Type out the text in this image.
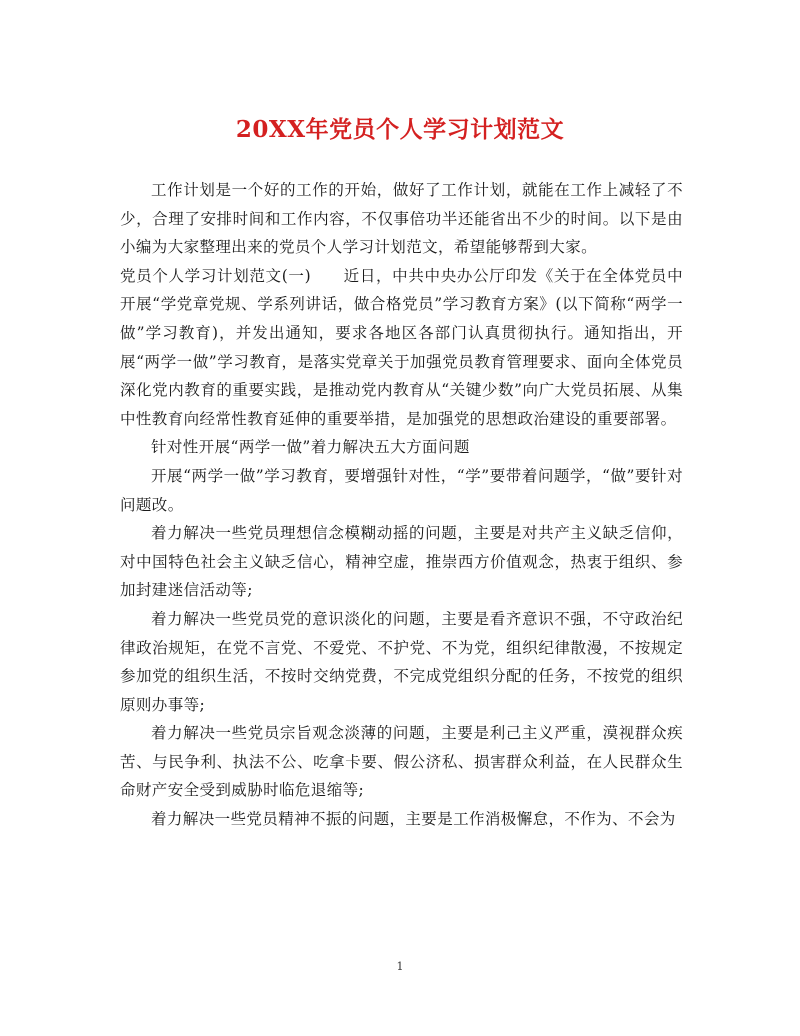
20XX年党员个人学习计划范文

工作计划是一个好的工作的开始，做好了工作计划，就能在工作上减轻了不少，合理了安排时间和工作内容，不仅事倍功半还能省出不少的时间。以下是由小编为大家整理出来的党员个人学习计划范文，希望能够帮到大家。

党员个人学习计划范文(一)　　近日，中共中央办公厅印发《关于在全体党员中开展“学党章党规、学系列讲话，做合格党员”学习教育方案》(以下简称“两学一做”学习教育)，并发出通知，要求各地区各部门认真贯彻执行。通知指出，开展“两学一做”学习教育，是落实党章关于加强党员教育管理要求、面向全体党员深化党内教育的重要实践，是推动党内教育从“关键少数”向广大党员拓展、从集中性教育向经常性教育延伸的重要举措，是加强党的思想政治建设的重要部署。

针对性开展“两学一做”着力解决五大方面问题

开展“两学一做”学习教育，要增强针对性，“学”要带着问题学，“做”要针对问题改。

着力解决一些党员理想信念模糊动摇的问题，主要是对共产主义缺乏信仰，对中国特色社会主义缺乏信心，精神空虚，推崇西方价值观念，热衷于组织、参加封建迷信活动等;

着力解决一些党员党的意识淡化的问题，主要是看齐意识不强，不守政治纪律政治规矩，在党不言党、不爱党、不护党、不为党，组织纪律散漫，不按规定参加党的组织生活，不按时交纳党费，不完成党组织分配的任务，不按党的组织原则办事等;

着力解决一些党员宗旨观念淡薄的问题，主要是利己主义严重，漠视群众疾苦、与民争利、执法不公、吃拿卡要、假公济私、损害群众利益，在人民群众生命财产安全受到威胁时临危退缩等;

着力解决一些党员精神不振的问题，主要是工作消极懈怠，不作为、不会为

1
